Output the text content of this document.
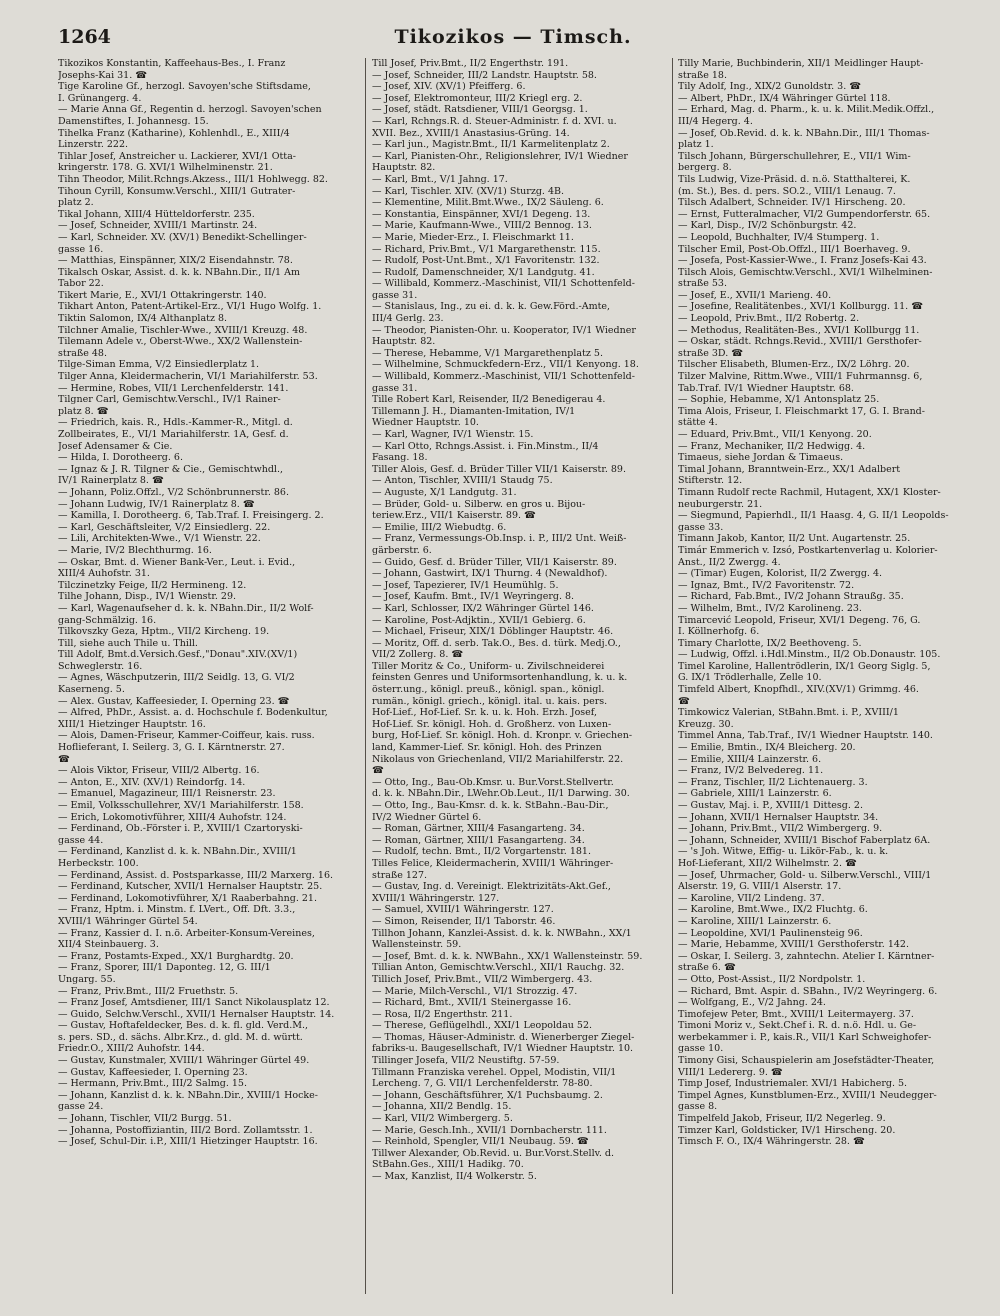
1264	Tikozikos — Timsch.
Tikozikos Konstantin, Kaffeehaus-Bes., I. Franz
Josephs-Kai 31. ☎
Tige Karoline Gf., herzogl. Savoyen'sche Stiftsdame,
I. Grünangerg. 4.
— Marie Anna Gf., Regentin d. herzogl. Savoyen'schen
Damenstiftes, I. Johannesg. 15.
Tihelka Franz (Katharine), Kohlenhdl., E., XIII/4
Linzerstr. 222.
Tihlar Josef, Anstreicher u. Lackierer, XVI/1 Otta-
kringerstr. 178. G. XVI/1 Wilhelminenstr. 21.
Tihn Theodor, Milit.Rchngs.Akzess., III/1 Hohlwegg. 82.
Tihoun Cyrill, Konsumw.Verschl., XIII/1 Gutrater-
platz 2.
Tikal Johann, XIII/4 Hütteldorferstr. 235.
— Josef, Schneider, XVIII/1 Martinstr. 24.
— Karl, Schneider. XV. (XV/1) Benedikt-Schellinger-
gasse 16.
— Matthias, Einspänner, XIX/2 Eisendahnstr. 78.
Tikalsch Oskar, Assist. d. k. k. NBahn.Dir., II/1 Am
Tabor 22.
Tikert Marie, E., XVI/1 Ottakringerstr. 140.
Tikhart Anton, Patent-Artikel-Erz., VI/1 Hugo Wolfg. 1.
Tiktin Salomon, IX/4 Althanplatz 8.
Tilchner Amalie, Tischler-Wwe., XVIII/1 Kreuzg. 48.
Tilemann Adele v., Oberst-Wwe., XX/2 Wallenstein-
straße 48.
Tilge-Siman Emma, V/2 Einsiedlerplatz 1.
Tilger Anna, Kleidermacherin, VI/1 Mariahilferstr. 53.
— Hermine, Robes, VII/1 Lerchenfelderstr. 141.
Tilgner Carl, Gemischtw.Verschl., IV/1 Rainer-
platz 8. ☎
— Friedrich, kais. R., Hdls.-Kammer-R., Mitgl. d.
Zollbeirates, E., VI/1 Mariahilferstr. 1A, Gesf. d.
Josef Adensamer & Cie.
— Hilda, I. Dorotheerg. 6.
— Ignaz & J. R. Tilgner & Cie., Gemischtwhdl.,
IV/1 Rainerplatz 8. ☎
— Johann, Poliz.Offzl., V/2 Schönbrunnerstr. 86.
— Johann Ludwig, IV/1 Rainerplatz 8. ☎
— Kamilla, I. Dorotheerg. 6, Tab.Traf. I. Freisingerg. 2.
— Karl, Geschäftsleiter, V/2 Einsiedlerg. 22.
— Lili, Architekten-Wwe., V/1 Wienstr. 22.
— Marie, IV/2 Blechthurmg. 16.
— Oskar, Bmt. d. Wiener Bank-Ver., Leut. i. Evid.,
XIII/4 Auhofstr. 31.
Tilczinetzky Feige, II/2 Hermineng. 12.
Tilhe Johann, Disp., IV/1 Wienstr. 29.
— Karl, Wagenaufseher d. k. k. NBahn.Dir., II/2 Wolf-
gang-Schmälzig. 16.
Tilkovszky Geza, Hptm., VII/2 Kircheng. 19.
Till, siehe auch Thile u. Thill.
Till Adolf, Bmt.d.Versich.Gesf.,"Donau".XIV.(XV/1)
Schweglerstr. 16.
— Agnes, Wäschputzerin, III/2 Seidlg. 13, G. VI/2
Kaserneng. 5.
— Alex. Gustav, Kaffeesieder, I. Operning 23. ☎
— Alfred, PhDr., Assist. a. d. Hochschule f. Bodenkultur,
XIII/1 Hietzinger Hauptstr. 16.
— Alois, Damen-Friseur, Kammer-Coiffeur, kais. russ.
Hoflieferant, I. Seilerg. 3, G. I. Kärntnerstr. 27.
☎
— Alois Viktor, Friseur, VIII/2 Albertg. 16.
— Anton, E., XIV. (XV/1) Reindorfg. 14.
— Emanuel, Magazineur, III/1 Reisnerstr. 23.
— Emil, Volksschullehrer, XV/1 Mariahilferstr. 158.
— Erich, Lokomotivführer, XIII/4 Auhofstr. 124.
— Ferdinand, Ob.-Förster i. P., XVIII/1 Czartoryski-
gasse 44.
— Ferdinand, Kanzlist d. k. k. NBahn.Dir., XVIII/1
Herbeckstr. 100.
— Ferdinand, Assist. d. Postsparkasse, III/2 Marxerg. 16.
— Ferdinand, Kutscher, XVII/1 Hernalser Hauptstr. 25.
— Ferdinand, Lokomotivführer, X/1 Raaberbahng. 21.
— Franz, Hptm. i. Minstm. f. LVert., Off. Dft. 3.3.,
XVIII/1 Währinger Gürtel 54.
— Franz, Kassier d. I. n.ö. Arbeiter-Konsum-Vereines,
XII/4 Steinbauerg. 3.
— Franz, Postamts-Exped., XX/1 Burghardtg. 20.
— Franz, Sporer, III/1 Daponteg. 12, G. III/1
Ungarg. 55.
— Franz, Priv.Bmt., III/2 Fruethstr. 5.
— Franz Josef, Amtsdiener, III/1 Sanct Nikolausplatz 12.
— Guido, Selchw.Verschl., XVII/1 Hernalser Hauptstr. 14.
— Gustav, Hoftafeldecker, Bes. d. k. fl. gld. Verd.M.,
s. pers. SD., d. sächs. Albr.Krz., d. gld. M. d. württ.
Friedr.O., XIII/2 Auhofstr. 144.
— Gustav, Kunstmaler, XVIII/1 Währinger Gürtel 49.
— Gustav, Kaffeesieder, I. Operning 23.
— Hermann, Priv.Bmt., III/2 Salmg. 15.
— Johann, Kanzlist d. k. k. NBahn.Dir., XVIII/1 Hocke-
gasse 24.
— Johann, Tischler, VII/2 Burgg. 51.
— Johanna, Postoffiziantin, III/2 Bord. Zollamtsstr. 1.
— Josef, Schul-Dir. i.P., XIII/1 Hietzinger Hauptstr. 16.
Till Josef, Priv.Bmt., II/2 Engerthstr. 191.
— Josef, Schneider, III/2 Landstr. Hauptstr. 58.
— Josef, XIV. (XV/1) Pfeifferg. 6.
— Josef, Elektromonteur, III/2 Kriegl erg. 2.
— Josef, städt. Ratsdiener, VIII/1 Georgsg. 1.
— Karl, Rchngs.R. d. Steuer-Administr. f. d. XVI. u.
XVII. Bez., XVIII/1 Anastasius-Grüng. 14.
— Karl jun., Magistr.Bmt., II/1 Karmelitenplatz 2.
— Karl, Pianisten-Ohr., Religionslehrer, IV/1 Wiedner
Hauptstr. 82.
— Karl, Bmt., V/1 Jahng. 17.
— Karl, Tischler. XIV. (XV/1) Sturzg. 4B.
— Klementine, Milit.Bmt.Wwe., IX/2 Säuleng. 6.
— Konstantia, Einspänner, XVI/1 Degeng. 13.
— Marie, Kaufmann-Wwe., VIII/2 Bennog. 13.
— Marie, Mieder-Erz., I. Fleischmarkt 11.
— Richard, Priv.Bmt., V/1 Margarethenstr. 115.
— Rudolf, Post-Unt.Bmt., X/1 Favoritenstr. 132.
— Rudolf, Damenschneider, X/1 Landgutg. 41.
— Willibald, Kommerz.-Maschinist, VII/1 Schottenfeld-
gasse 31.
— Stanislaus, Ing., zu ei. d. k. k. Gew.Förd.-Amte,
III/4 Gerlg. 23.
— Theodor, Pianisten-Ohr. u. Kooperator, IV/1 Wiedner
Hauptstr. 82.
— Therese, Hebamme, V/1 Margarethenplatz 5.
— Wilhelmine, Schmuckfedern-Erz., VII/1 Kenyong. 18.
— Willibald, Kommerz.-Maschinist, VII/1 Schottenfeld-
gasse 31.
Tille Robert Karl, Reisender, II/2 Benedigerau 4.
Tillemann J. H., Diamanten-Imitation, IV/1
Wiedner Hauptstr. 10.
— Karl, Wagner, IV/1 Wienstr. 15.
— Karl Otto, Rchngs.Assist. i. Fin.Minstm., II/4
Fasang. 18.
Tiller Alois, Gesf. d. Brüder Tiller VII/1 Kaiserstr. 89.
— Anton, Tischler, XVIII/1 Staudg 75.
— Auguste, X/1 Landgutg. 31.
— Brüder, Gold- u. Silberw. en gros u. Bijou-
teriew.Erz., VII/1 Kaiserstr. 89. ☎
— Emilie, III/2 Wiebudtg. 6.
— Franz, Vermessungs-Ob.Insp. i. P., III/2 Unt. Weiß-
gärberstr. 6.
— Guido, Gesf. d. Brüder Tiller, VII/1 Kaiserstr. 89.
— Johann, Gastwirt, IX/1 Thurng. 4 (Newaldhof).
— Josef, Tapezierer, IV/1 Heumühlg. 5.
— Josef, Kaufm. Bmt., IV/1 Weyringerg. 8.
— Karl, Schlosser, IX/2 Währinger Gürtel 146.
— Karoline, Post-Adjktin., XVII/1 Gebierg. 6.
— Michael, Friseur, XIX/1 Döblinger Hauptstr. 46.
— Moritz, Off. d. serb. Tak.O., Bes. d. türk. Medj.O.,
VII/2 Zollerg. 8. ☎
Tiller Moritz & Co., Uniform- u. Zivilschneiderei
feinsten Genres und Uniformsortenhandlung, k. u. k.
österr.ung., königl. preuß., königl. span., königl.
rumän., königl. griech., königl. ital. u. kais. pers.
Hof-Lief., Hof-Lief. Sr. k. u. k. Hoh. Erzh. Josef,
Hof-Lief. Sr. königl. Hoh. d. Großherz. von Luxen-
burg, Hof-Lief. Sr. königl. Hoh. d. Kronpr. v. Griechen-
land, Kammer-Lief. Sr. königl. Hoh. des Prinzen
Nikolaus von Griechenland, VII/2 Mariahilferstr. 22.
☎
— Otto, Ing., Bau-Ob.Kmsr. u. Bur.Vorst.Stellvertr.
d. k. k. NBahn.Dir., LWehr.Ob.Leut., II/1 Darwing. 30.
— Otto, Ing., Bau-Kmsr. d. k. k. StBahn.-Bau-Dir.,
IV/2 Wiedner Gürtel 6.
— Roman, Gärtner, XIII/4 Fasangarteng. 34.
— Roman, Gärtner, XIII/1 Fasangarteng. 34.
— Rudolf, techn. Bmt., II/2 Vorgartenstr. 181.
Tilles Felice, Kleidermacherin, XVIII/1 Währinger-
straße 127.
— Gustav, Ing. d. Vereinigt. Elektrizitäts-Akt.Gef.,
XVIII/1 Währingerstr. 127.
— Samuel, XVIII/1 Währingerstr. 127.
— Simon, Reisender, II/1 Taborstr. 46.
Tillhon Johann, Kanzlei-Assist. d. k. k. NWBahn., XX/1
Wallensteinstr. 59.
— Josef, Bmt. d. k. k. NWBahn., XX/1 Wallensteinstr. 59.
Tillian Anton, Gemischtw.Verschl., XII/1 Rauchg. 32.
Tillich Josef, Priv.Bmt., VII/2 Wimbergerg. 43.
— Marie, Milch-Verschl., VI/1 Strozzig. 47.
— Richard, Bmt., XVII/1 Steinergasse 16.
— Rosa, II/2 Engerthstr. 211.
— Therese, Geflügelhdl., XXI/1 Leopoldau 52.
— Thomas, Häuser-Administr. d. Wienerberger Ziegel-
fabriks-u. Baugesellschaft, IV/1 Wiedner Hauptstr. 10.
Tillinger Josefa, VII/2 Neustiftg. 57-59.
Tillmann Franziska verehel. Oppel, Modistin, VII/1
Lercheng. 7, G. VII/1 Lerchenfelderstr. 78-80.
— Johann, Geschäftsführer, X/1 Puchsbaumg. 2.
— Johanna, XII/2 Bendlg. 15.
— Karl, VII/2 Wimbergerg. 5.
— Marie, Gesch.Inh., XVII/1 Dornbacherstr. 111.
— Reinhold, Spengler, VII/1 Neubaug. 59. ☎
Tillwer Alexander, Ob.Revid. u. Bur.Vorst.Stellv. d.
StBahn.Ges., XIII/1 Hadikg. 70.
— Max, Kanzlist, II/4 Wolkerstr. 5.
Tilly Marie, Buchbinderin, XII/1 Meidlinger Haupt-
straße 18.
Tily Adolf, Ing., XIX/2 Gunoldstr. 3. ☎
— Albert, PhDr., IX/4 Währinger Gürtel 118.
— Erhard, Mag. d. Pharm., k. u. k. Milit.Medik.Offzl.,
III/4 Hegerg. 4.
— Josef, Ob.Revid. d. k. k. NBahn.Dir., III/1 Thomas-
platz 1.
Tilsch Johann, Bürgerschullehrer, E., VII/1 Wim-
bergerg. 8.
Tils Ludwig, Vize-Präsid. d. n.ö. Statthalterei, K.
(m. St.), Bes. d. pers. SO.2., VIII/1 Lenaug. 7.
Tilsch Adalbert, Schneider. IV/1 Hirscheng. 20.
— Ernst, Futteralmacher, VI/2 Gumpendorferstr. 65.
— Karl, Disp., IV/2 Schönburgstr. 42.
— Leopold, Buchhalter, IV/4 Stumperg. 1.
Tilscher Emil, Post-Ob.Offzl., III/1 Boerhaveg. 9.
— Josefa, Post-Kassier-Wwe., I. Franz Josefs-Kai 43.
Tilsch Alois, Gemischtw.Verschl., XVI/1 Wilhelminen-
straße 53.
— Josef, E., XVII/1 Marieng. 40.
— Josefine, Realitätenbes., XVI/1 Kollburgg. 11. ☎
— Leopold, Priv.Bmt., II/2 Robertg. 2.
— Methodus, Realitäten-Bes., XVI/1 Kollburgg 11.
— Oskar, städt. Rchngs.Revid., XVIII/1 Gersthofer-
straße 3D. ☎
Tilscher Elisabeth, Blumen-Erz., IX/2 Löhrg. 20.
Tilzer Malvine, Rittm.Wwe., VIII/1 Fuhrmannsg. 6,
Tab.Traf. IV/1 Wiedner Hauptstr. 68.
— Sophie, Hebamme, X/1 Antonsplatz 25.
Tima Alois, Friseur, I. Fleischmarkt 17, G. I. Brand-
stätte 4.
— Eduard, Priv.Bmt., VII/1 Kenyong. 20.
— Franz, Mechaniker, II/2 Hedwigg. 4.
Timaeus, siehe Jordan & Timaeus.
Timal Johann, Branntwein-Erz., XX/1 Adalbert
Stifterstr. 12.
Timann Rudolf recte Rachmil, Hutagent, XX/1 Kloster-
neuburgerstr. 21.
— Siegmund, Papierhdl., II/1 Haasg. 4, G. II/1 Leopolds-
gasse 33.
Timann Jakob, Kantor, II/2 Unt. Augartenstr. 25.
Timár Emmerich v. Izsó, Postkartenverlag u. Kolorier-
Anst., II/2 Zwergg. 4.
— (Timar) Eugen, Kolorist, II/2 Zwergg. 4.
— Ignaz, Bmt., IV/2 Favoritenstr. 72.
— Richard, Fab.Bmt., IV/2 Johann Straußg. 35.
— Wilhelm, Bmt., IV/2 Karolineng. 23.
Timarcević Leopold, Friseur, XVI/1 Degeng. 76, G.
I. Köllnerhofg. 6.
Timary Charlotte, IX/2 Beethoveng. 5.
— Ludwig, Offzl. i.Hdl.Minstm., II/2 Ob.Donaustr. 105.
Timel Karoline, Hallentrödlerin, IX/1 Georg Siglg. 5,
G. IX/1 Trödlerhalle, Zelle 10.
Timfeld Albert, Knopfhdl., XIV.(XV/1) Grimmg. 46.
☎
Timkowicz Valerian, StBahn.Bmt. i. P., XVIII/1
Kreuzg. 30.
Timmel Anna, Tab.Traf., IV/1 Wiedner Hauptstr. 140.
— Emilie, Bmtin., IX/4 Bleicherg. 20.
— Emilie, XIII/4 Lainzerstr. 6.
— Franz, IV/2 Belvedereg. 11.
— Franz, Tischler, II/2 Lichtenauerg. 3.
— Gabriele, XIII/1 Lainzerstr. 6.
— Gustav, Maj. i. P., XVIII/1 Dittesg. 2.
— Johann, XVII/1 Hernalser Hauptstr. 34.
— Johann, Priv.Bmt., VII/2 Wimbergerg. 9.
— Johann, Schneider, XVIII/1 Bischof Faberplatz 6A.
— 's Joh. Witwe, Effig- u. Likör-Fab., k. u. k.
Hof-Lieferant, XII/2 Wilhelmstr. 2. ☎
— Josef, Uhrmacher, Gold- u. Silberw.Verschl., VIII/1
Alserstr. 19, G. VIII/1 Alserstr. 17.
— Karoline, VII/2 Lindeng. 37.
— Karoline, Bmt.Wwe., IX/2 Fluchtg. 6.
— Karoline, XIII/1 Lainzerstr. 6.
— Leopoldine, XVI/1 Paulinensteig 96.
— Marie, Hebamme, XVIII/1 Gersthoferstr. 142.
— Oskar, I. Seilerg. 3, zahntechn. Atelier I. Kärntner-
straße 6. ☎
— Otto, Post-Assist., II/2 Nordpolstr. 1.
— Richard, Bmt. Aspir. d. SBahn., IV/2 Weyringerg. 6.
— Wolfgang, E., V/2 Jahng. 24.
Timofejew Peter, Bmt., XVIII/1 Leitermayerg. 37.
Timoni Moriz v., Sekt.Chef i. R. d. n.ö. Hdl. u. Ge-
werbekammer i. P., kais.R., VII/1 Karl Schweighofer-
gasse 10.
Timony Gisi, Schauspielerin am Josefstädter-Theater,
VIII/1 Ledererg. 9. ☎
Timp Josef, Industriemaler. XVI/1 Habicherg. 5.
Timpel Agnes, Kunstblumen-Erz., XVIII/1 Neudegger-
gasse 8.
Timpelfeld Jakob, Friseur, II/2 Negerleg. 9.
Timzer Karl, Goldsticker, IV/1 Hirscheng. 20.
Timsch F. O., IX/4 Währingerstr. 28. ☎
